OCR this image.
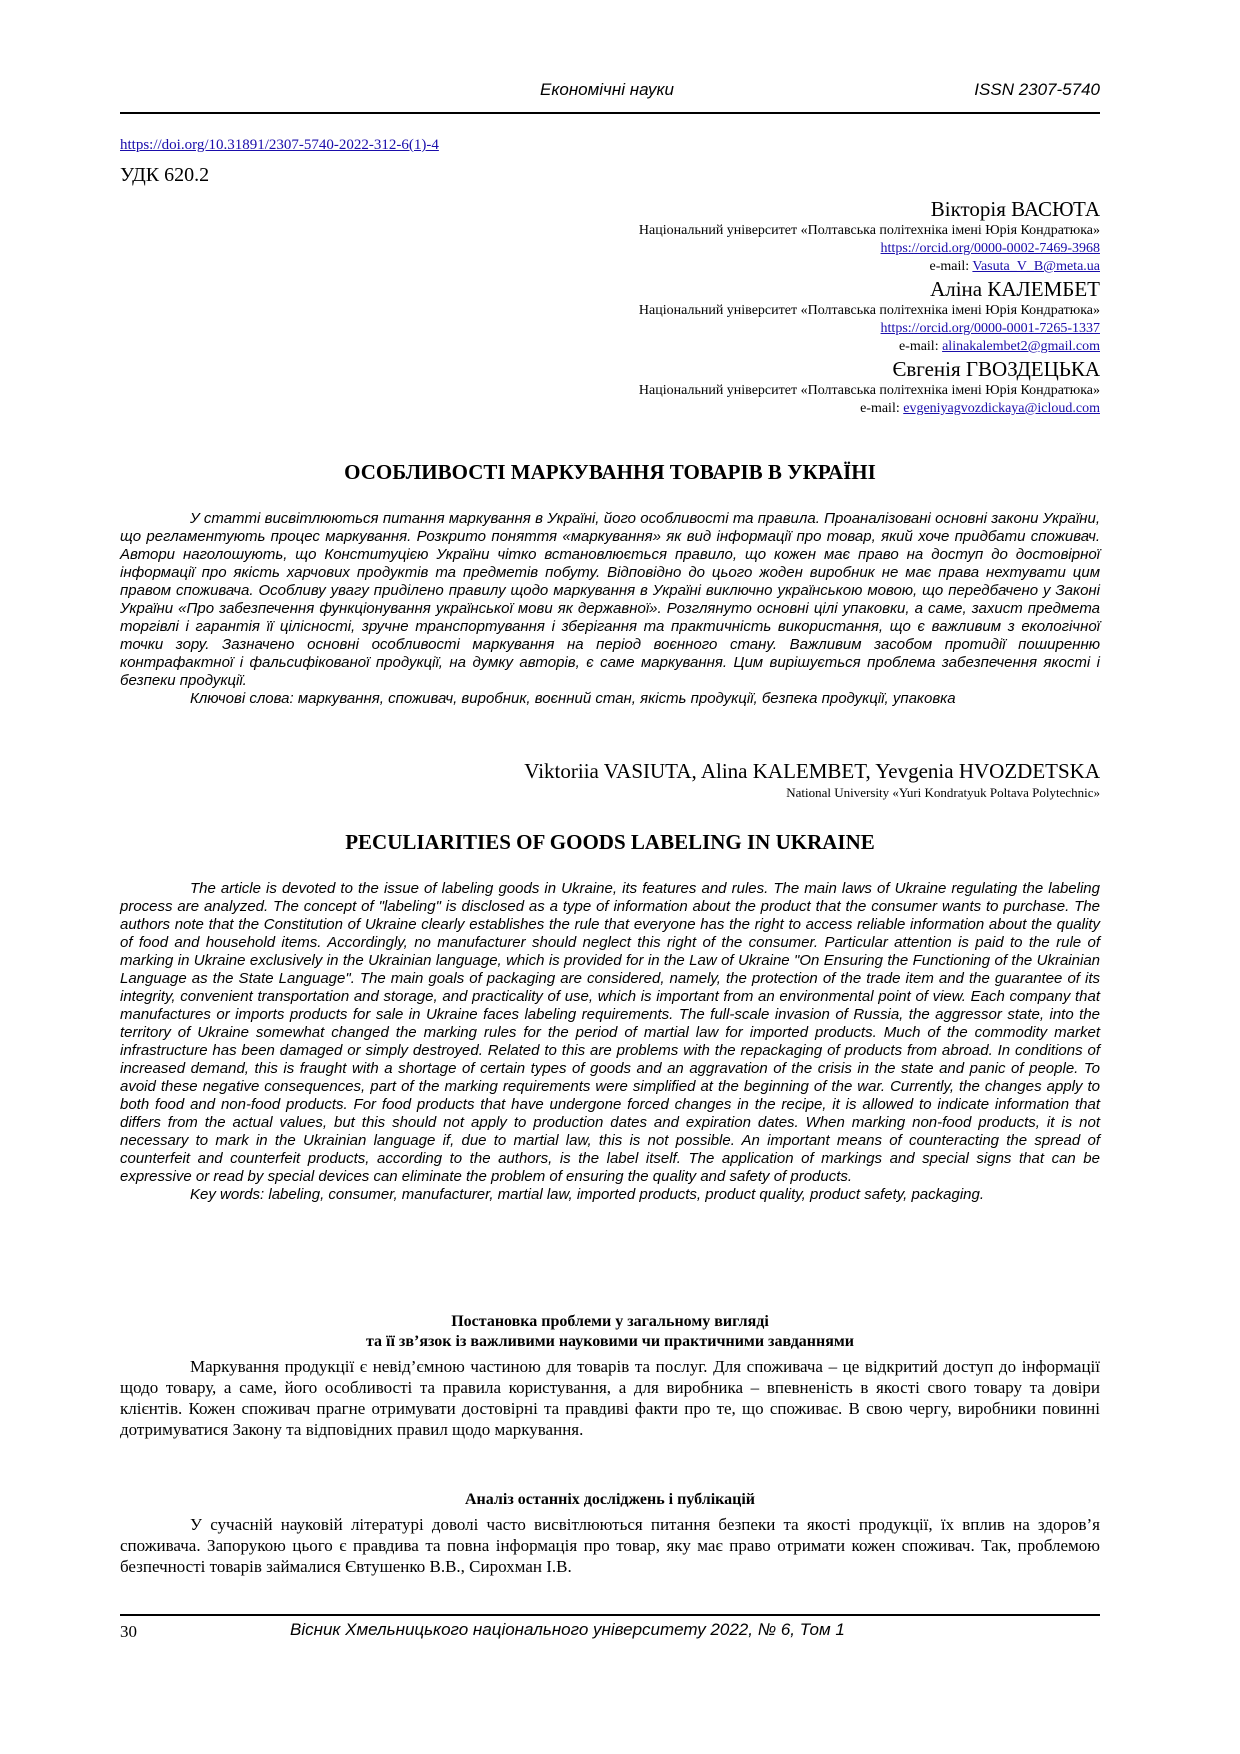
Економічні науки	ISSN 2307-5740
https://doi.org/10.31891/2307-5740-2022-312-6(1)-4
УДК 620.2
Вікторія ВАСЮТА
Національний університет «Полтавська політехніка імені Юрія Кондратюка»
https://orcid.org/0000-0002-7469-3968
e-mail: Vasuta_V_B@meta.ua
Аліна КАЛЕМБЕТ
Національний університет «Полтавська політехніка імені Юрія Кондратюка»
https://orcid.org/0000-0001-7265-1337
e-mail: alinakalembet2@gmail.com
Євгенія ГВОЗДЕЦЬКА
Національний університет «Полтавська політехніка імені Юрія Кондратюка»
e-mail: evgeniyagvozdickaya@icloud.com
ОСОБЛИВОСТІ МАРКУВАННЯ ТОВАРІВ В УКРАЇНІ

У статті висвітлюються питання маркування в Україні, його особливості та правила. Проаналізовані основні закони України, що регламентують процес маркування. Розкрито поняття «маркування» як вид інформації про товар, який хоче придбати споживач. Автори наголошують, що Конституцією України чітко встановлюється правило, що кожен має право на доступ до достовірної інформації про якість харчових продуктів та предметів побуту. Відповідно до цього жоден виробник не має права нехтувати цим правом споживача. Особливу увагу приділено правилу щодо маркування в Україні виключно українською мовою, що передбачено у Законі України «Про забезпечення функціонування української мови як державної». Розглянуто основні цілі упаковки, а саме, захист предмета торгівлі і гарантія її цілісності, зручне транспортування і зберігання та практичність використання, що є важливим з екологічної точки зору. Зазначено основні особливості маркування на період воєнного стану. Важливим засобом протидії поширенню контрафактної і фальсифікованої продукції, на думку авторів, є саме маркування. Цим вирішується проблема забезпечення якості і безпеки продукції.

Ключові слова: маркування, споживач, виробник, воєнний стан, якість продукції, безпека продукції, упаковка

Viktoriia VASIUTA, Alina KALEMBET, Yevgenia HVOZDETSKA
National University «Yuri Kondratyuk Poltava Polytechnic»
PECULIARITIES OF GOODS LABELING IN UKRAINE

The article is devoted to the issue of labeling goods in Ukraine, its features and rules. The main laws of Ukraine regulating the labeling process are analyzed. The concept of "labeling" is disclosed as a type of information about the product that the consumer wants to purchase. The authors note that the Constitution of Ukraine clearly establishes the rule that everyone has the right to access reliable information about the quality of food and household items. Accordingly, no manufacturer should neglect this right of the consumer. Particular attention is paid to the rule of marking in Ukraine exclusively in the Ukrainian language, which is provided for in the Law of Ukraine "On Ensuring the Functioning of the Ukrainian Language as the State Language". The main goals of packaging are considered, namely, the protection of the trade item and the guarantee of its integrity, convenient transportation and storage, and practicality of use, which is important from an environmental point of view. Each company that manufactures or imports products for sale in Ukraine faces labeling requirements. The full-scale invasion of Russia, the aggressor state, into the territory of Ukraine somewhat changed the marking rules for the period of martial law for imported products. Much of the commodity market infrastructure has been damaged or simply destroyed. Related to this are problems with the repackaging of products from abroad. In conditions of increased demand, this is fraught with a shortage of certain types of goods and an aggravation of the crisis in the state and panic of people. To avoid these negative consequences, part of the marking requirements were simplified at the beginning of the war. Currently, the changes apply to both food and non-food products. For food products that have undergone forced changes in the recipe, it is allowed to indicate information that differs from the actual values, but this should not apply to production dates and expiration dates. When marking non-food products, it is not necessary to mark in the Ukrainian language if, due to martial law, this is not possible. An important means of counteracting the spread of counterfeit and counterfeit products, according to the authors, is the label itself. The application of markings and special signs that can be expressive or read by special devices can eliminate the problem of ensuring the quality and safety of products.

Key words: labeling, consumer, manufacturer, martial law, imported products, product quality, product safety, packaging.

Постановка проблеми у загальному вигляді
та її зв’язок із важливими науковими чи практичними завданнями

Маркування продукції є невід’ємною частиною для товарів та послуг. Для споживача – це відкритий доступ до інформації щодо товару, а саме, його особливості та правила користування, а для виробника – впевненість в якості свого товару та довіри клієнтів. Кожен споживач прагне отримувати достовірні та правдиві факти про те, що споживає. В свою чергу, виробники повинні дотримуватися Закону та відповідних правил щодо маркування.

Аналіз останніх досліджень і публікацій

У сучасній науковій літературі доволі часто висвітлюються питання безпеки та якості продукції, їх вплив на здоров’я споживача. Запорукою цього є правдива та повна інформація про товар, яку має право отримати кожен споживач. Так, проблемою безпечності товарів займалися Євтушенко В.В., Сирохман І.В.

30	Вісник Хмельницького національного університету 2022, № 6, Том 1
